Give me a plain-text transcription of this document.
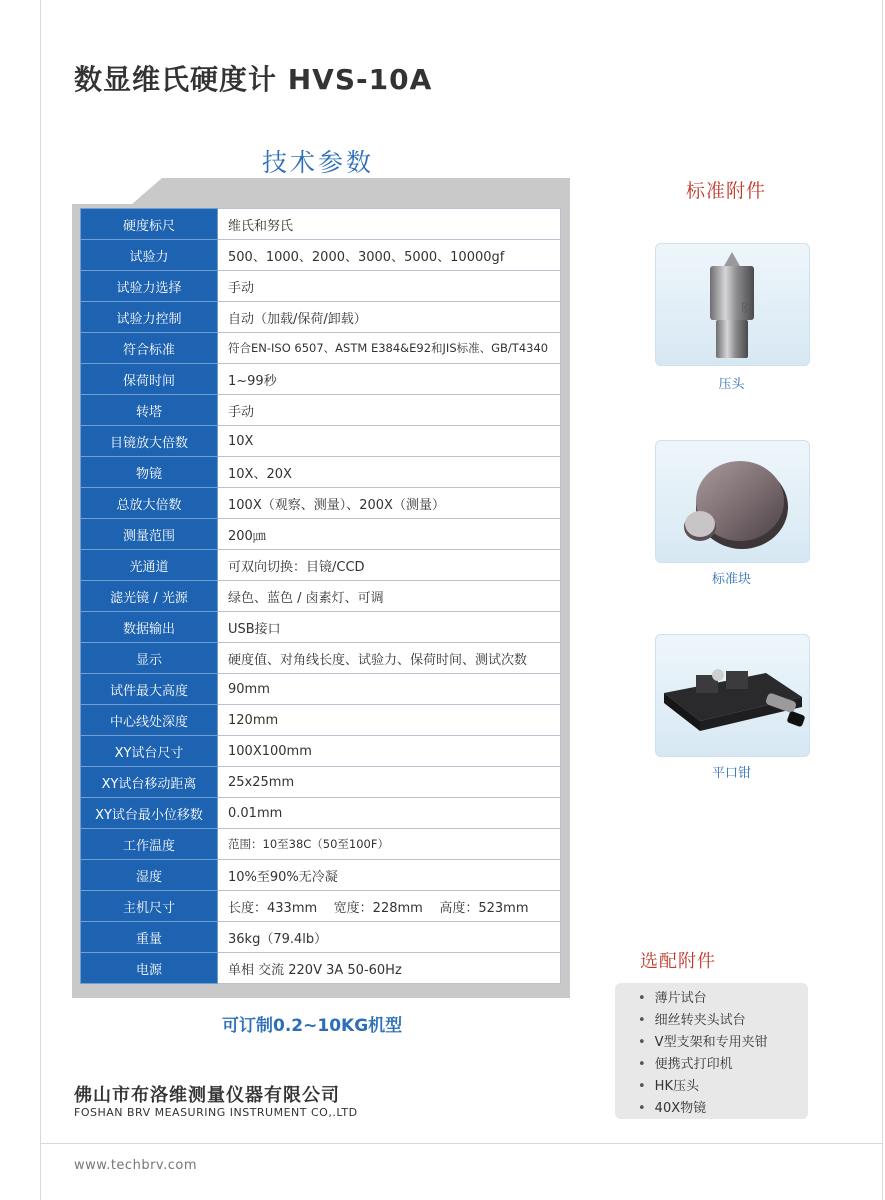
数显维氏硬度计 HVS-10A
技术参数
硬度标尺	维氏和努氏
试验力	500、1000、2000、3000、5000、10000gf
试验力选择	手动
试验力控制	自动（加载/保荷/卸载）
符合标准	符合EN-ISO 6507、ASTM E384&E92和JIS标准、GB/T4340
保荷时间	1~99秒
转塔	手动
目镜放大倍数	10X
物镜	10X、20X
总放大倍数	100X（观察、测量）、200X（测量）
测量范围	200㎛
光通道	可双向切换：目镜/CCD
滤光镜 / 光源	绿色、蓝色 / 卤素灯、可调
数据输出	USB接口
显示	硬度值、对角线长度、试验力、保荷时间、测试次数
试件最大高度	90mm
中心线处深度	120mm
XY试台尺寸	100X100mm
XY试台移动距离	25x25mm
XY试台最小位移数	0.01mm
工作温度	范围：10至38C（50至100F）
湿度	10%至90%无冷凝
主机尺寸	长度：433mm    宽度：228mm    高度：523mm
重量	36kg（79.4lb）
电源	单相 交流 220V 3A 50-60Hz
可订制0.2~10KG机型
标准附件
DO
压头
标准块
平口钳
选配附件
• 薄片试台
• 细丝转夹头试台
• V型支架和专用夹钳
• 便携式打印机
• HK压头
• 40X物镜
佛山市布洛维测量仪器有限公司
FOSHAN BRV MEASURING INSTRUMENT CO,.LTD
www.techbrv.com
